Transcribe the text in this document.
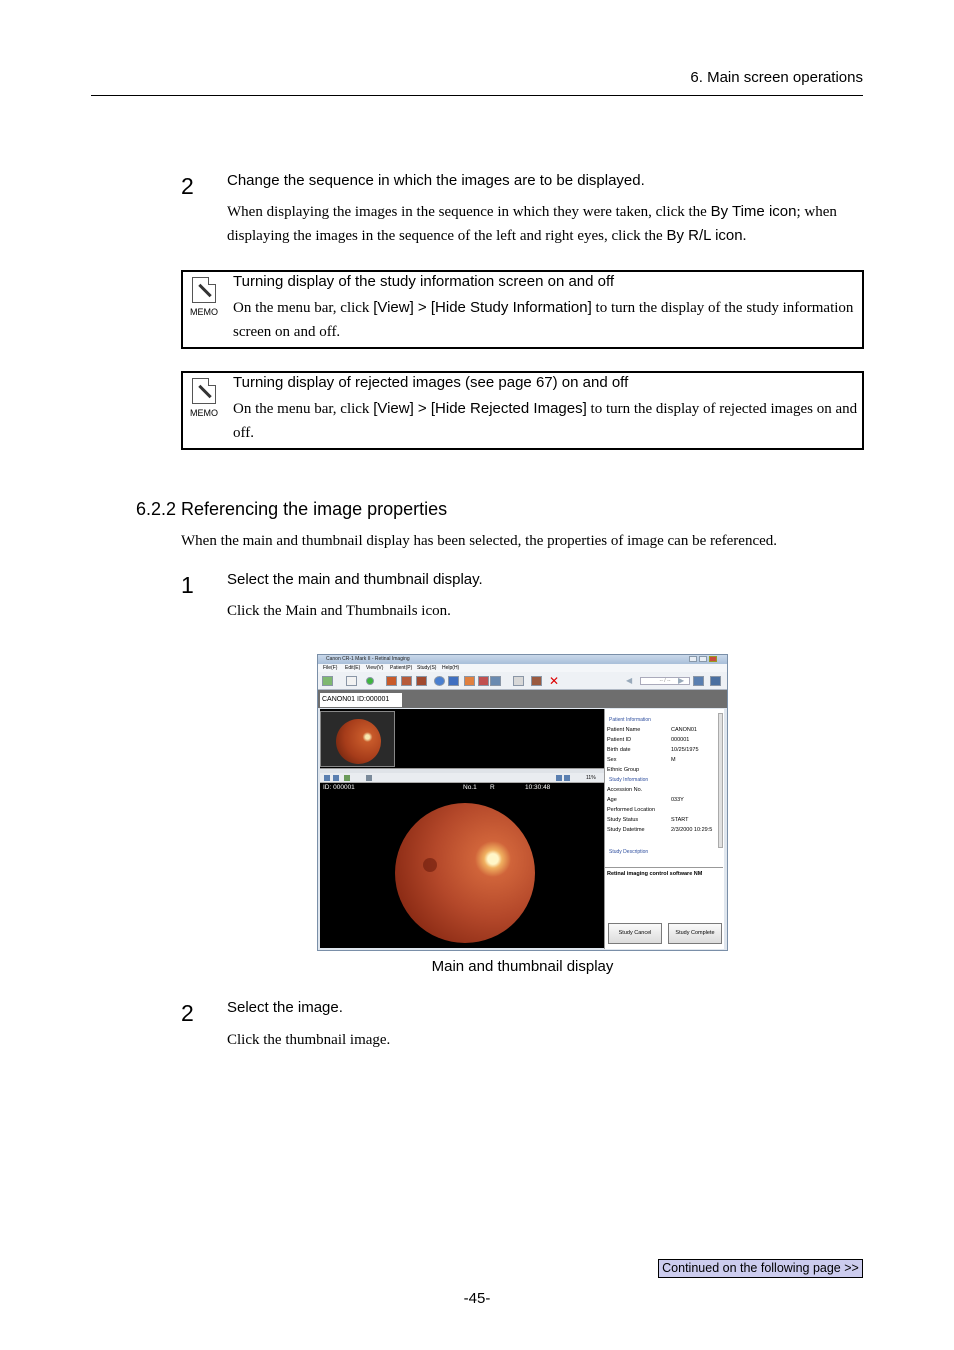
6. Main screen operations
2 Change the sequence in which the images are to be displayed.
When displaying the images in the sequence in which they were taken, click the By Time icon; when displaying the images in the sequence of the left and right eyes, click the By R/L icon.
MEMO
Turning display of the study information screen on and off
On the menu bar, click [View] > [Hide Study Information] to turn the display of the study information screen on and off.
MEMO
Turning display of rejected images (see page 67) on and off
On the menu bar, click [View] > [Hide Rejected Images] to turn the display of rejected images on and off.
6.2.2 Referencing the image properties
When the main and thumbnail display has been selected, the properties of image can be referenced.
1 Select the main and thumbnail display.
Click the Main and Thumbnails icon.
Canon CR-1 Mark II - Retinal Imaging
File(F) Edit(E) View(V) Patient(P) Study(S) Help(H)
✕	◀	-- / -- ▶
CANON01 ID:000001
11%
ID: 000001	No.1 R	10:30:48
Patient Information
Patient Name	CANON01
Patient ID	000001
Birth date	10/25/1975
Sex	M
Ethnic Group
Study Information
Accession No.
Age	033Y
Performed Location
Study Status	START
Study Datetime	2/3/2000 10:29:5
Study Description
Retinal imaging control software NM
Study Cancel	Study Complete
Main and thumbnail display
2 Select the image.
Click the thumbnail image.
Continued on the following page >>
-45-
